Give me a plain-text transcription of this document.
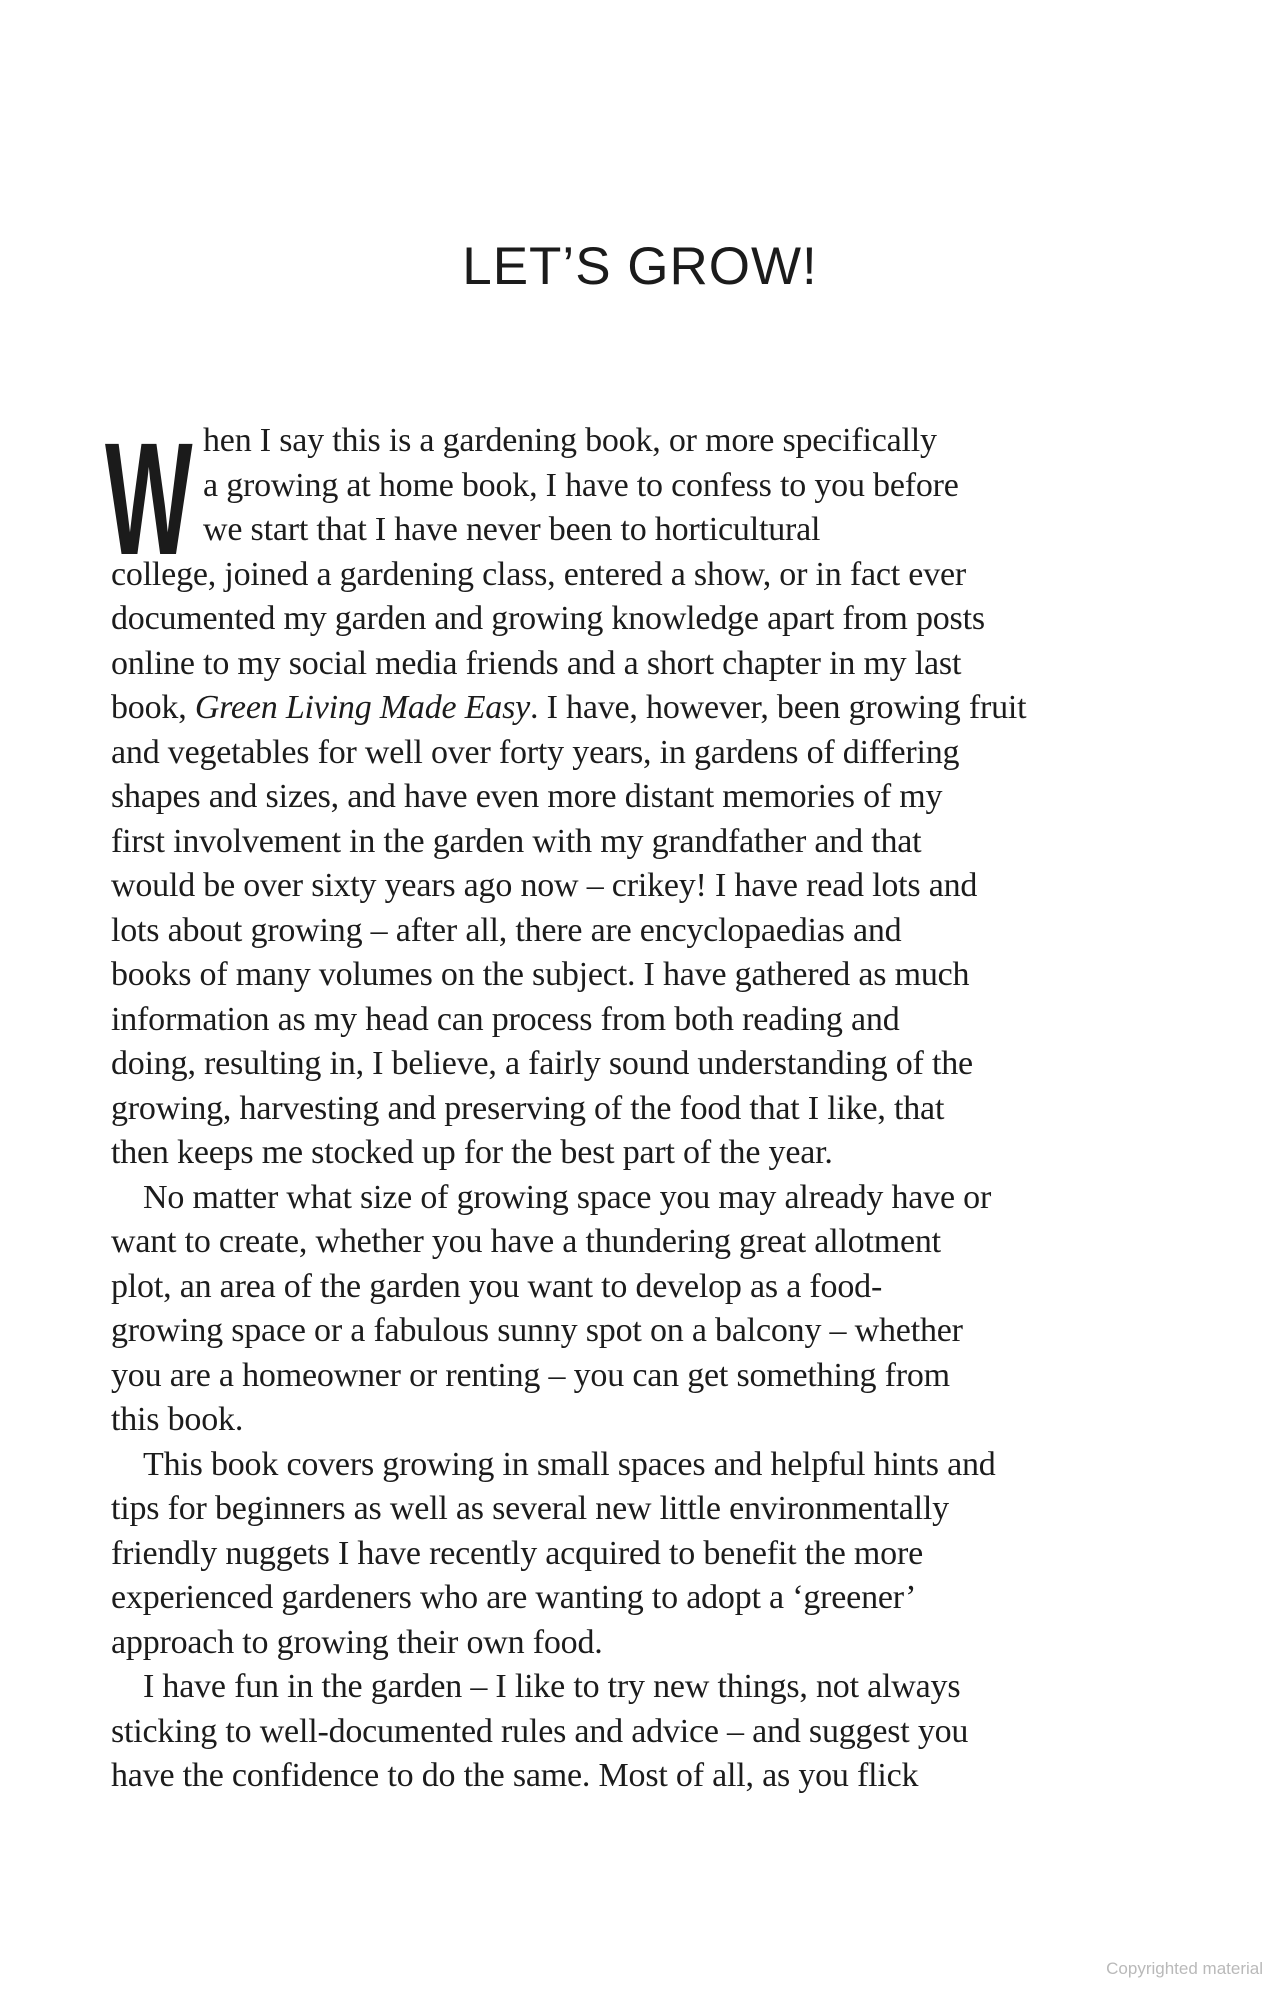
LET’S GROW!
W hen I say this is a gardening book, or more specifically
a growing at home book, I have to confess to you before
we start that I have never been to horticultural
college, joined a gardening class, entered a show, or in fact ever
documented my garden and growing knowledge apart from posts
online to my social media friends and a short chapter in my last
book, Green Living Made Easy. I have, however, been growing fruit
and vegetables for well over forty years, in gardens of differing
shapes and sizes, and have even more distant memories of my
first involvement in the garden with my grandfather and that
would be over sixty years ago now – crikey! I have read lots and
lots about growing – after all, there are encyclopaedias and
books of many volumes on the subject. I have gathered as much
information as my head can process from both reading and
doing, resulting in, I believe, a fairly sound understanding of the
growing, harvesting and preserving of the food that I like, that
then keeps me stocked up for the best part of the year.
No matter what size of growing space you may already have or
want to create, whether you have a thundering great allotment
plot, an area of the garden you want to develop as a food-
growing space or a fabulous sunny spot on a balcony – whether
you are a homeowner or renting – you can get something from
this book.
This book covers growing in small spaces and helpful hints and
tips for beginners as well as several new little environmentally
friendly nuggets I have recently acquired to benefit the more
experienced gardeners who are wanting to adopt a ‘greener’
approach to growing their own food.
I have fun in the garden – I like to try new things, not always
sticking to well-documented rules and advice – and suggest you
have the confidence to do the same. Most of all, as you flick
Copyrighted material
